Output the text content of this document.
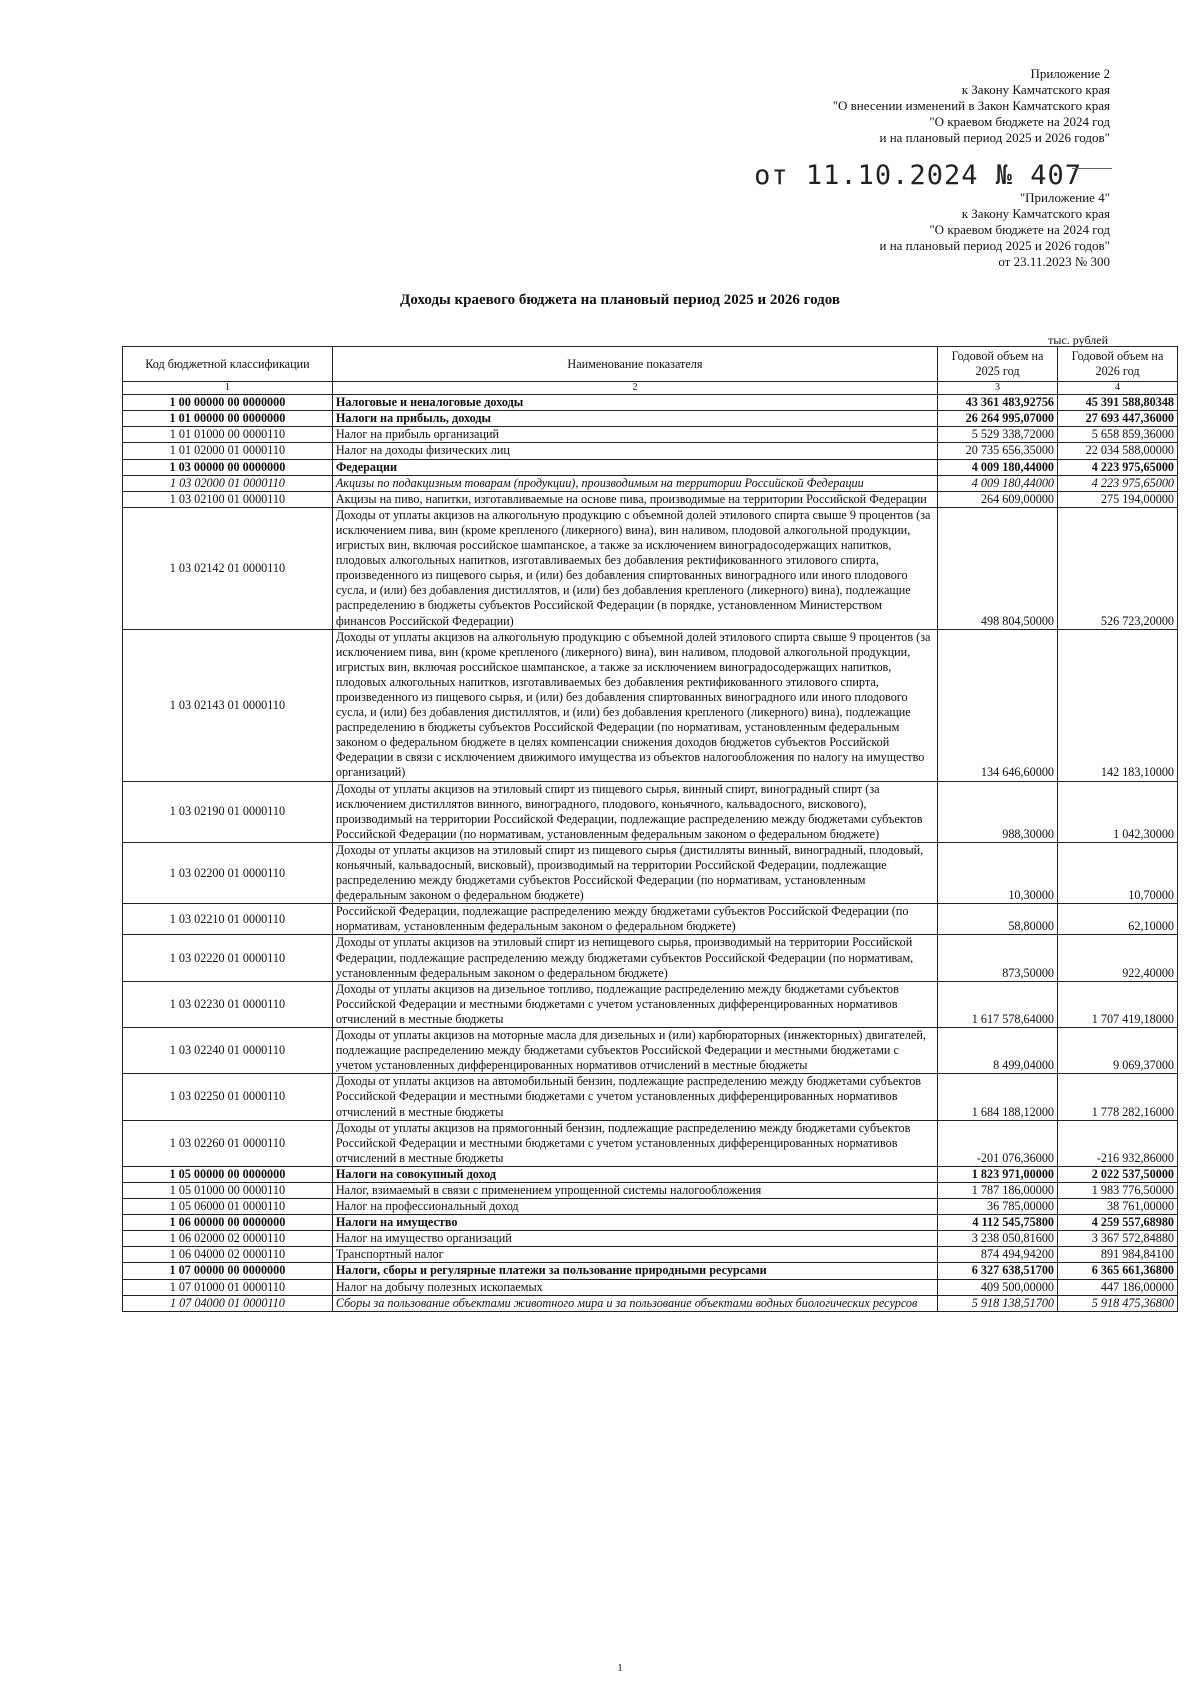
Приложение 2
к Закону Камчатского края
"О внесении изменений в Закон Камчатского края
"О краевом бюджете на 2024 год
и на плановый период 2025 и 2026 годов"
от 11.10.2024 № 407
"Приложение 4"
к Закону Камчатского края
"О краевом бюджете на 2024 год
и на плановый период 2025 и 2026 годов"
от 23.11.2023 № 300
Доходы краевого бюджета на плановый период 2025 и 2026 годов
тыс. рублей
Код бюджетной классификации	Наименование показателя	Годовой объем на 2025 год	Годовой объем на 2026 год
1	2	3	4
1 00 00000 00 0000000	Налоговые и неналоговые доходы	43 361 483,92756	45 391 588,80348
1 01 00000 00 0000000	Налоги на прибыль, доходы	26 264 995,07000	27 693 447,36000
1 01 01000 00 0000110	Налог на прибыль организаций	5 529 338,72000	5 658 859,36000
1 01 02000 01 0000110	Налог на доходы физических лиц	20 735 656,35000	22 034 588,00000
1 03 00000 00 0000000	Федерации	4 009 180,44000	4 223 975,65000
1 03 02000 01 0000110	Акцизы по подакцизным товарам (продукции), производимым на территории Российской Федерации	4 009 180,44000	4 223 975,65000
1 03 02100 01 0000110	Акцизы на пиво, напитки, изготавливаемые на основе пива, производимые на территории Российской Федерации	264 609,00000	275 194,00000
1 03 02142 01 0000110	Доходы от уплаты акцизов на алкогольную продукцию с объемной долей этилового спирта свыше 9 процентов (за исключением пива, вин (кроме крепленого (ликерного) вина), вин наливом, плодовой алкогольной продукции, игристых вин, включая российское шампанское, а также за исключением виноградосодержащих напитков, плодовых алкогольных напитков, изготавливаемых без добавления ректификованного этилового спирта, произведенного из пищевого сырья, и (или) без добавления спиртованных виноградного или иного плодового сусла, и (или) без добавления дистиллятов, и (или) без добавления крепленого (ликерного) вина), подлежащие распределению в бюджеты субъектов Российской Федерации (в порядке, установленном Министерством финансов Российской Федерации)	498 804,50000	526 723,20000
1 03 02143 01 0000110	Доходы от уплаты акцизов на алкогольную продукцию с объемной долей этилового спирта свыше 9 процентов (за исключением пива, вин (кроме крепленого (ликерного) вина), вин наливом, плодовой алкогольной продукции, игристых вин, включая российское шампанское, а также за исключением виноградосодержащих напитков, плодовых алкогольных напитков, изготавливаемых без добавления ректификованного этилового спирта, произведенного из пищевого сырья, и (или) без добавления спиртованных виноградного или иного плодового сусла, и (или) без добавления дистиллятов, и (или) без добавления крепленого (ликерного) вина), подлежащие распределению в бюджеты субъектов Российской Федерации (по нормативам, установленным федеральным законом о федеральном бюджете в целях компенсации снижения доходов бюджетов субъектов Российской Федерации в связи с исключением движимого имущества из объектов налогообложения по налогу на имущество организаций)	134 646,60000	142 183,10000
1 03 02190 01 0000110	Доходы от уплаты акцизов на этиловый спирт из пищевого сырья, винный спирт, виноградный спирт (за исключением дистиллятов винного, виноградного, плодового, коньячного, кальвадосного, вискового), производимый на территории Российской Федерации, подлежащие распределению между бюджетами субъектов Российской Федерации (по нормативам, установленным федеральным законом о федеральном бюджете)	988,30000	1 042,30000
1 03 02200 01 0000110	Доходы от уплаты акцизов на этиловый спирт из пищевого сырья (дистилляты винный, виноградный, плодовый, коньячный, кальвадосный, висковый), производимый на территории Российской Федерации, подлежащие распределению между бюджетами субъектов Российской Федерации (по нормативам, установленным федеральным законом о федеральном бюджете)	10,30000	10,70000
1 03 02210 01 0000110	Российской Федерации, подлежащие распределению между бюджетами субъектов Российской Федерации (по нормативам, установленным федеральным законом о федеральном бюджете)	58,80000	62,10000
1 03 02220 01 0000110	Доходы от уплаты акцизов на этиловый спирт из непищевого сырья, производимый на территории Российской Федерации, подлежащие распределению между бюджетами субъектов Российской Федерации (по нормативам, установленным федеральным законом о федеральном бюджете)	873,50000	922,40000
1 03 02230 01 0000110	Доходы от уплаты акцизов на дизельное топливо, подлежащие распределению между бюджетами субъектов Российской Федерации и местными бюджетами с учетом установленных дифференцированных нормативов отчислений в местные бюджеты	1 617 578,64000	1 707 419,18000
1 03 02240 01 0000110	Доходы от уплаты акцизов на моторные масла для дизельных и (или) карбюраторных (инжекторных) двигателей, подлежащие распределению между бюджетами субъектов Российской Федерации и местными бюджетами с учетом установленных дифференцированных нормативов отчислений в местные бюджеты	8 499,04000	9 069,37000
1 03 02250 01 0000110	Доходы от уплаты акцизов на автомобильный бензин, подлежащие распределению между бюджетами субъектов Российской Федерации и местными бюджетами с учетом установленных дифференцированных нормативов отчислений в местные бюджеты	1 684 188,12000	1 778 282,16000
1 03 02260 01 0000110	Доходы от уплаты акцизов на прямогонный бензин, подлежащие распределению между бюджетами субъектов Российской Федерации и местными бюджетами с учетом установленных дифференцированных нормативов отчислений в местные бюджеты	-201 076,36000	-216 932,86000
1 05 00000 00 0000000	Налоги на совокупный доход	1 823 971,00000	2 022 537,50000
1 05 01000 00 0000110	Налог, взимаемый в связи с применением упрощенной системы налогообложения	1 787 186,00000	1 983 776,50000
1 05 06000 01 0000110	Налог на профессиональный доход	36 785,00000	38 761,00000
1 06 00000 00 0000000	Налоги на имущество	4 112 545,75800	4 259 557,68980
1 06 02000 02 0000110	Налог на имущество организаций	3 238 050,81600	3 367 572,84880
1 06 04000 02 0000110	Транспортный налог	874 494,94200	891 984,84100
1 07 00000 00 0000000	Налоги, сборы и регулярные платежи за пользование природными ресурсами	6 327 638,51700	6 365 661,36800
1 07 01000 01 0000110	Налог на добычу полезных ископаемых	409 500,00000	447 186,00000
1 07 04000 01 0000110	Сборы за пользование объектами животного мира и за пользование объектами водных биологических ресурсов	5 918 138,51700	5 918 475,36800
1
